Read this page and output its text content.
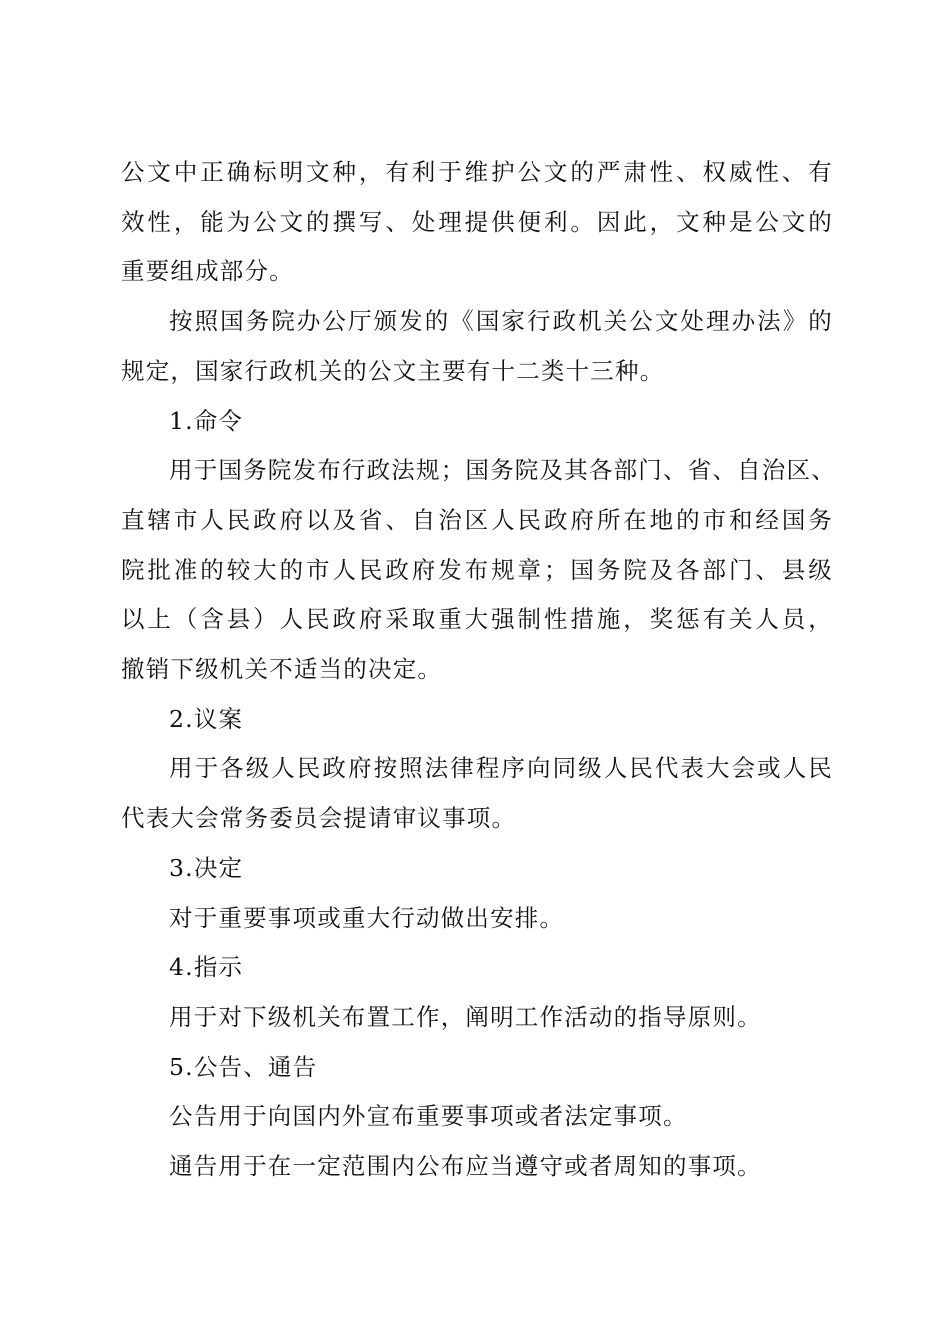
公文中正确标明文种，有利于维护公文的严肃性、权威性、有
效性，能为公文的撰写、处理提供便利。因此，文种是公文的
重要组成部分。

按照国务院办公厅颁发的《国家行政机关公文处理办法》的
规定，国家行政机关的公文主要有十二类十三种。

1.命令

用于国务院发布行政法规；国务院及其各部门、省、自治区、
直辖市人民政府以及省、自治区人民政府所在地的市和经国务
院批准的较大的市人民政府发布规章；国务院及各部门、县级
以上（含县）人民政府采取重大强制性措施，奖惩有关人员，
撤销下级机关不适当的决定。

2.议案

用于各级人民政府按照法律程序向同级人民代表大会或人民
代表大会常务委员会提请审议事项。

3.决定

对于重要事项或重大行动做出安排。

4.指示

用于对下级机关布置工作，阐明工作活动的指导原则。

5.公告、通告

公告用于向国内外宣布重要事项或者法定事项。

通告用于在一定范围内公布应当遵守或者周知的事项。
